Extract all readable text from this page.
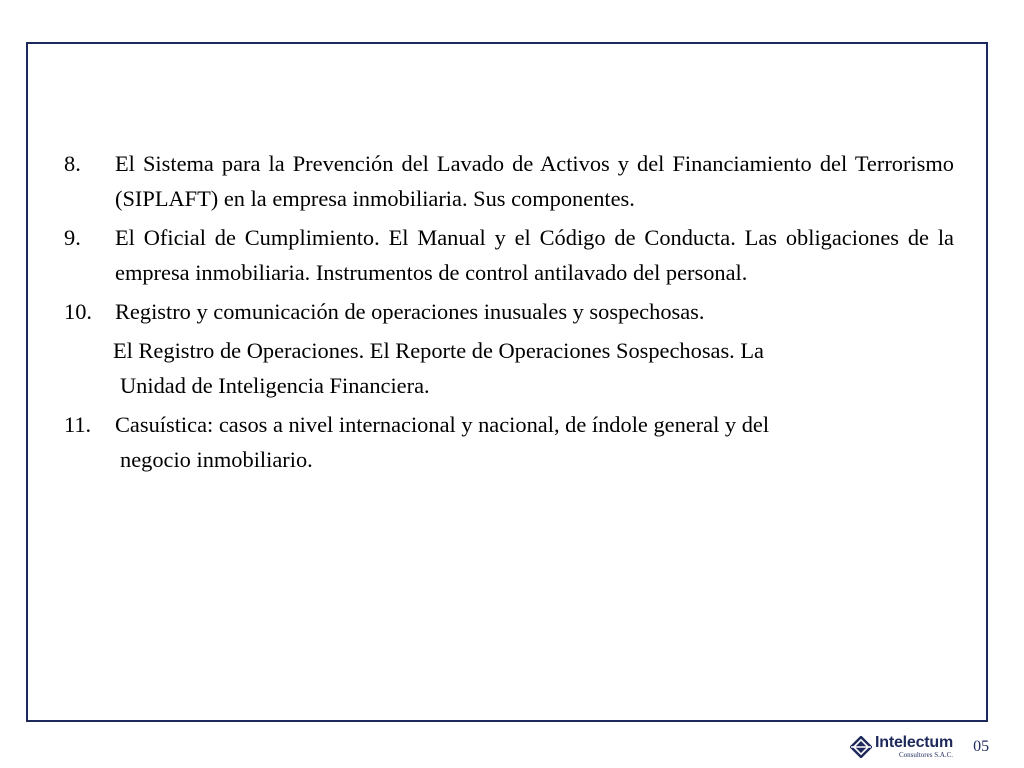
8. El Sistema para la Prevención del Lavado de Activos y del Financiamiento del Terrorismo (SIPLAFT) en la empresa inmobiliaria. Sus componentes.
9. El Oficial de Cumplimiento. El Manual y el Código de Conducta. Las obligaciones de la empresa inmobiliaria. Instrumentos de control antilavado del personal.
10. Registro y comunicación de operaciones inusuales y sospechosas.
El Registro de Operaciones. El Reporte de Operaciones Sospechosas. La
Unidad de Inteligencia Financiera.
11. Casuística: casos a nivel internacional y nacional, de índole general y del
negocio inmobiliario.
Intelectum
Consultores S.A.C. 05
